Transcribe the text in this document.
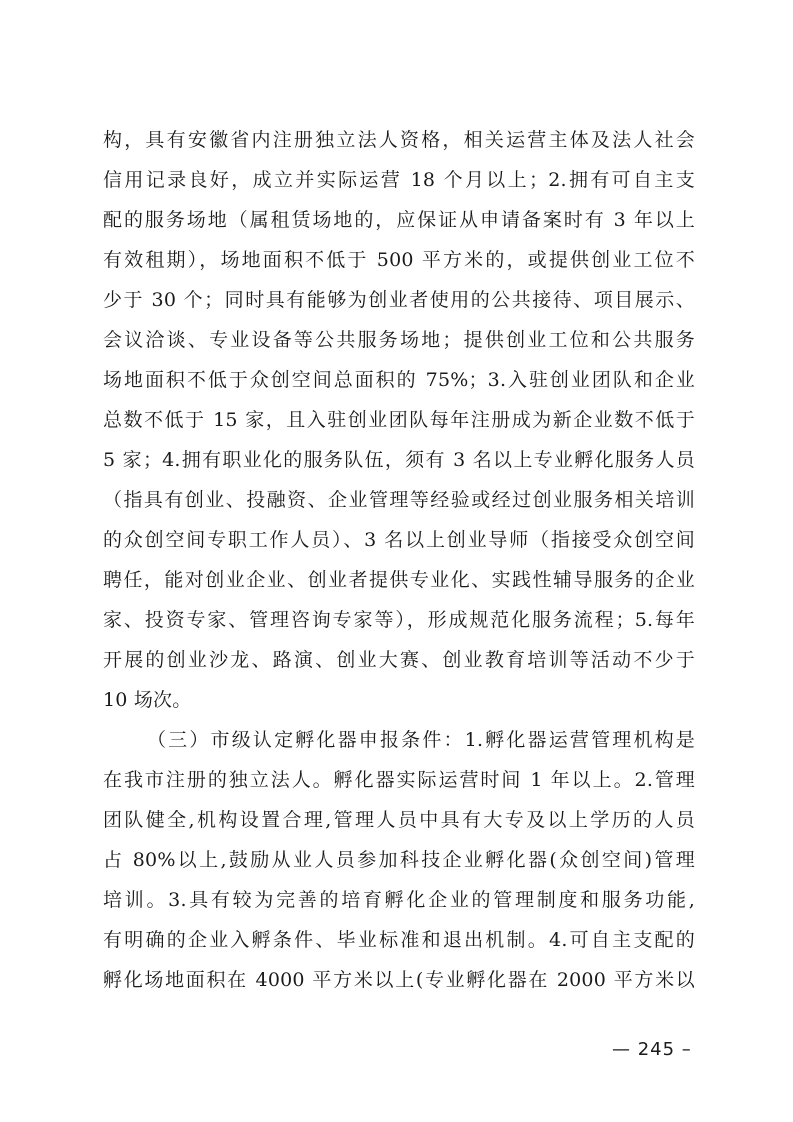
构，具有安徽省内注册独立法人资格，相关运营主体及法人社会
信用记录良好，成立并实际运营 18 个月以上；2.拥有可自主支
配的服务场地（属租赁场地的，应保证从申请备案时有 3 年以上
有效租期），场地面积不低于 500 平方米的，或提供创业工位不
少于 30 个；同时具有能够为创业者使用的公共接待、项目展示、
会议洽谈、专业设备等公共服务场地；提供创业工位和公共服务
场地面积不低于众创空间总面积的 75%；3.入驻创业团队和企业
总数不低于 15 家，且入驻创业团队每年注册成为新企业数不低于
5 家；4.拥有职业化的服务队伍，须有 3 名以上专业孵化服务人员
（指具有创业、投融资、企业管理等经验或经过创业服务相关培训
的众创空间专职工作人员）、3 名以上创业导师（指接受众创空间
聘任，能对创业企业、创业者提供专业化、实践性辅导服务的企业
家、投资专家、管理咨询专家等），形成规范化服务流程；5.每年
开展的创业沙龙、路演、创业大赛、创业教育培训等活动不少于
10 场次。
（三）市级认定孵化器申报条件：1.孵化器运营管理机构是
在我市注册的独立法人。孵化器实际运营时间 1 年以上。2.管理
团队健全,机构设置合理,管理人员中具有大专及以上学历的人员
占 80%以上,鼓励从业人员参加科技企业孵化器(众创空间)管理
培训。3.具有较为完善的培育孵化企业的管理制度和服务功能,
有明确的企业入孵条件、毕业标准和退出机制。4.可自主支配的
孵化场地面积在 4000 平方米以上(专业孵化器在 2000 平方米以
— 245 –
